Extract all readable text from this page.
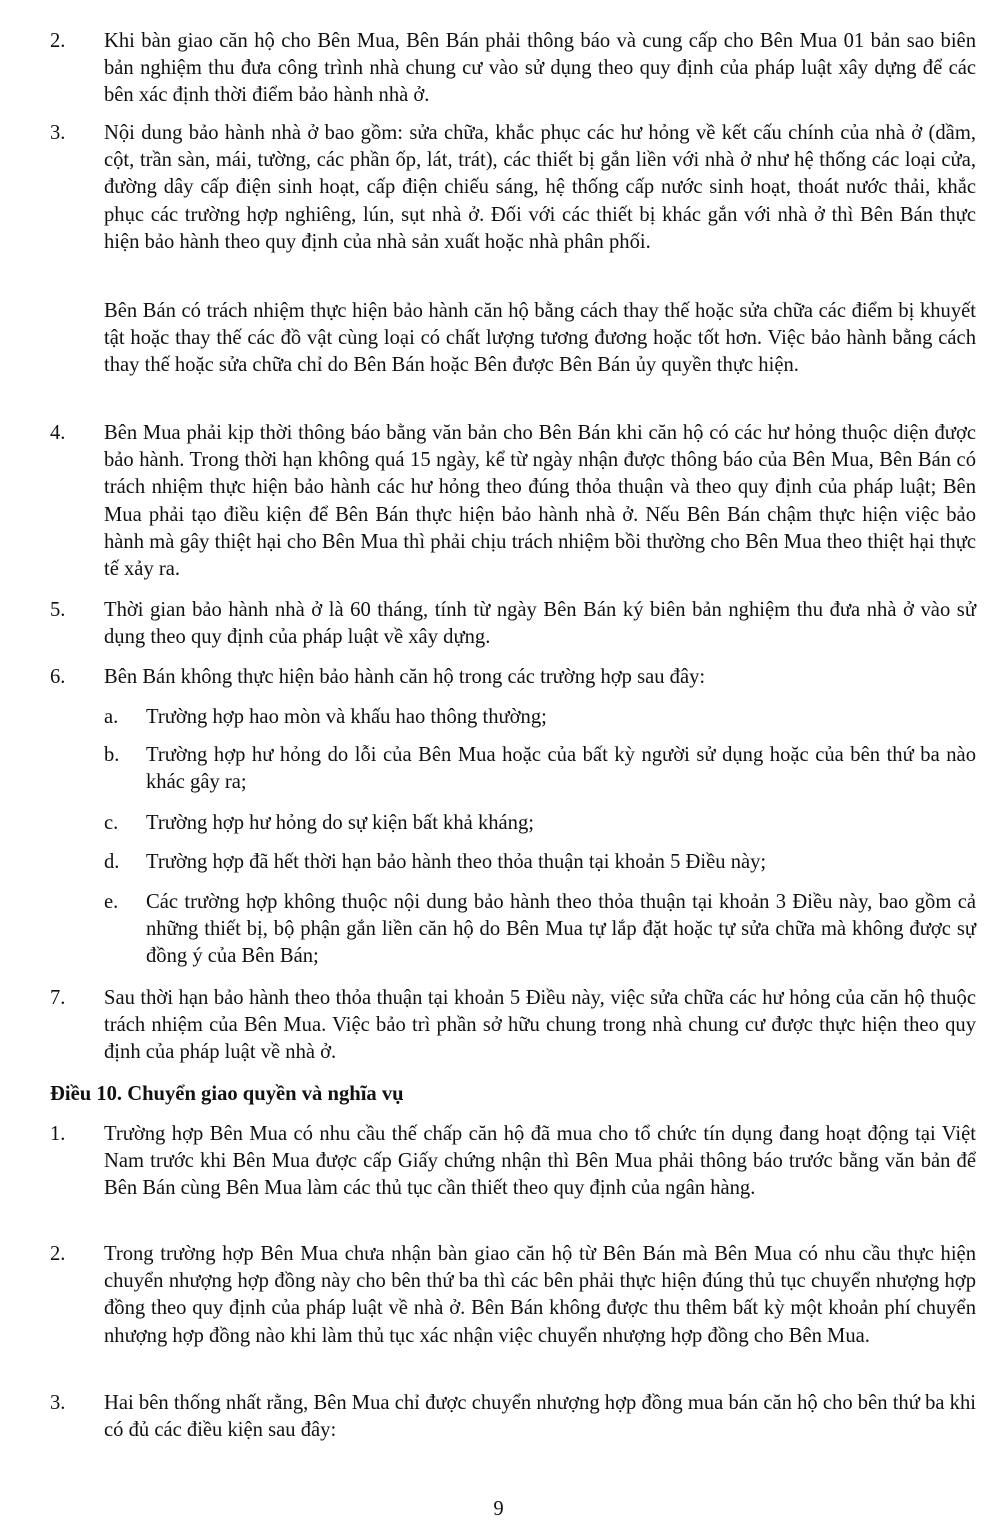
2.	Khi bàn giao căn hộ cho Bên Mua, Bên Bán phải thông báo và cung cấp cho Bên Mua 01 bản sao biên bản nghiệm thu đưa công trình nhà chung cư vào sử dụng theo quy định của pháp luật xây dựng để các bên xác định thời điểm bảo hành nhà ở.
3.	Nội dung bảo hành nhà ở bao gồm: sửa chữa, khắc phục các hư hỏng về kết cấu chính của nhà ở (dầm, cột, trần sàn, mái, tường, các phần ốp, lát, trát), các thiết bị gắn liền với nhà ở như hệ thống các loại cửa, đường dây cấp điện sinh hoạt, cấp điện chiếu sáng, hệ thống cấp nước sinh hoạt, thoát nước thải, khắc phục các trường hợp nghiêng, lún, sụt nhà ở. Đối với các thiết bị khác gắn với nhà ở thì Bên Bán thực hiện bảo hành theo quy định của nhà sản xuất hoặc nhà phân phối.
Bên Bán có trách nhiệm thực hiện bảo hành căn hộ bằng cách thay thế hoặc sửa chữa các điểm bị khuyết tật hoặc thay thế các đồ vật cùng loại có chất lượng tương đương hoặc tốt hơn. Việc bảo hành bằng cách thay thế hoặc sửa chữa chỉ do Bên Bán hoặc Bên được Bên Bán ủy quyền thực hiện.
4.	Bên Mua phải kịp thời thông báo bằng văn bản cho Bên Bán khi căn hộ có các hư hỏng thuộc diện được bảo hành. Trong thời hạn không quá 15 ngày, kể từ ngày nhận được thông báo của Bên Mua, Bên Bán có trách nhiệm thực hiện bảo hành các hư hỏng theo đúng thỏa thuận và theo quy định của pháp luật; Bên Mua phải tạo điều kiện để Bên Bán thực hiện bảo hành nhà ở. Nếu Bên Bán chậm thực hiện việc bảo hành mà gây thiệt hại cho Bên Mua thì phải chịu trách nhiệm bồi thường cho Bên Mua theo thiệt hại thực tế xảy ra.
5.	Thời gian bảo hành nhà ở là 60 tháng, tính từ ngày Bên Bán ký biên bản nghiệm thu đưa nhà ở vào sử dụng theo quy định của pháp luật về xây dựng.
6.	Bên Bán không thực hiện bảo hành căn hộ trong các trường hợp sau đây:
a.	Trường hợp hao mòn và khấu hao thông thường;
b.	Trường hợp hư hỏng do lỗi của Bên Mua hoặc của bất kỳ người sử dụng hoặc của bên thứ ba nào khác gây ra;
c.	Trường hợp hư hỏng do sự kiện bất khả kháng;
d.	Trường hợp đã hết thời hạn bảo hành theo thỏa thuận tại khoản 5 Điều này;
e.	Các trường hợp không thuộc nội dung bảo hành theo thỏa thuận tại khoản 3 Điều này, bao gồm cả những thiết bị, bộ phận gắn liền căn hộ do Bên Mua tự lắp đặt hoặc tự sửa chữa mà không được sự đồng ý của Bên Bán;
7.	Sau thời hạn bảo hành theo thỏa thuận tại khoản 5 Điều này, việc sửa chữa các hư hỏng của căn hộ thuộc trách nhiệm của Bên Mua. Việc bảo trì phần sở hữu chung trong nhà chung cư được thực hiện theo quy định của pháp luật về nhà ở.
Điều 10. Chuyển giao quyền và nghĩa vụ
1.	Trường hợp Bên Mua có nhu cầu thế chấp căn hộ đã mua cho tổ chức tín dụng đang hoạt động tại Việt Nam trước khi Bên Mua được cấp Giấy chứng nhận thì Bên Mua phải thông báo trước bằng văn bản để Bên Bán cùng Bên Mua làm các thủ tục cần thiết theo quy định của ngân hàng.
2.	Trong trường hợp Bên Mua chưa nhận bàn giao căn hộ từ Bên Bán mà Bên Mua có nhu cầu thực hiện chuyển nhượng hợp đồng này cho bên thứ ba thì các bên phải thực hiện đúng thủ tục chuyển nhượng hợp đồng theo quy định của pháp luật về nhà ở. Bên Bán không được thu thêm bất kỳ một khoản phí chuyển nhượng hợp đồng nào khi làm thủ tục xác nhận việc chuyển nhượng hợp đồng cho Bên Mua.
3.	Hai bên thống nhất rằng, Bên Mua chỉ được chuyển nhượng hợp đồng mua bán căn hộ cho bên thứ ba khi có đủ các điều kiện sau đây:
9
